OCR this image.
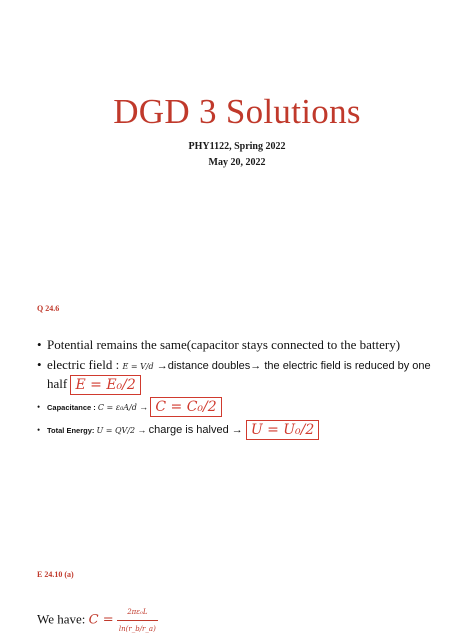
DGD 3 Solutions
PHY1122, Spring 2022
May 20, 2022
Q 24.6
• Potential remains the same(capacitor stays connected to the battery)
• electric field : E = V/d →distance doubles→ the electric field is reduced by one
half E = E₀/2
• Capacitance : C = ε₀A/d → C = C₀/2
• Total Energy: U = QV/2 → charge is halved → U = U₀/2
E 24.10 (a)
We have: $C = \frac{\text{2πε₀L}}{\ln(r\_b/r\_a)}$
